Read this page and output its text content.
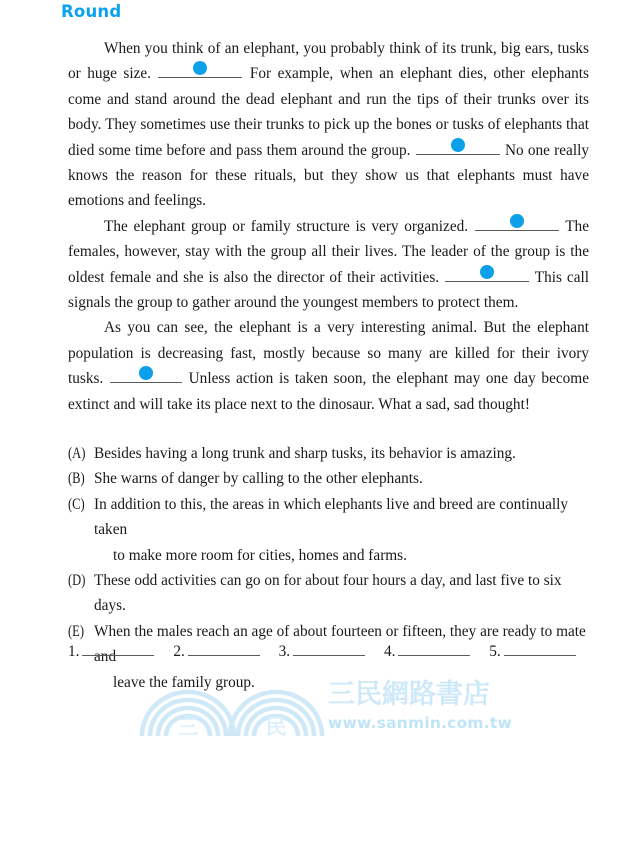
Round

When you think of an elephant, you probably think of its trunk, big ears, tusks or huge size.	1 For example, when an elephant dies, other elephants come and stand around the dead elephant and run the tips of their trunks over its body. They sometimes use their trunks to pick up the bones or tusks of elephants that died some time before and pass them around the group.	2 No one really knows the reason for these rituals, but they show us that elephants must have emotions and feelings.

The elephant group or family structure is very organized.	3 The females, however, stay with the group all their lives. The leader of the group is the oldest female and she is also the director of their activities.	4 This call signals the group to gather around the youngest members to protect them.

As you can see, the elephant is a very interesting animal. But the elephant population is decreasing fast, mostly because so many are killed for their ivory tusks.	5 Unless action is taken soon, the elephant may one day become extinct and will take its place next to the dinosaur. What a sad, sad thought!

(A) Besides having a long trunk and sharp tusks, its behavior is amazing.
(B) She warns of danger by calling to the other elephants.
(C) In addition to this, the areas in which elephants live and breed are continually taken
to make more room for cities, homes and farms.
(D) These odd activities can go on for about four hours a day, and last five to six days.
(E) When the males reach an age of about fourteen or fifteen, they are ready to mate and
leave the family group.
1.	2.	3.	4.	5.
三	民
三民網路書店
www.sanmin.com.tw
